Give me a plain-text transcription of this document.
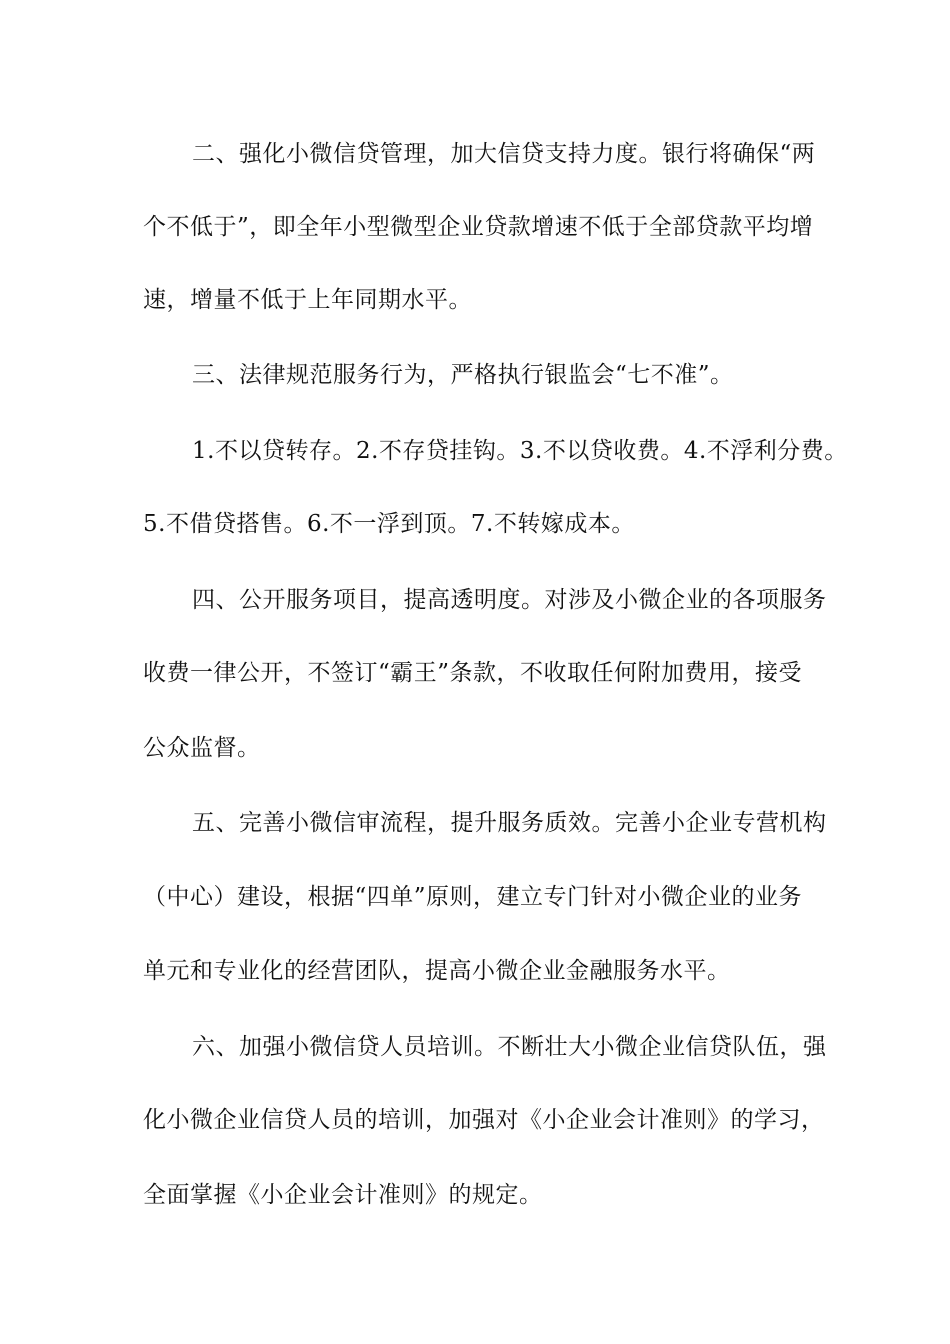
二、强化小微信贷管理，加大信贷支持力度。银行将确保“两
个不低于”，即全年小型微型企业贷款增速不低于全部贷款平均增
速，增量不低于上年同期水平。
三、法律规范服务行为，严格执行银监会“七不准”。
1.不以贷转存。2.不存贷挂钩。3.不以贷收费。4.不浮利分费。
5.不借贷搭售。6.不一浮到顶。7.不转嫁成本。
四、公开服务项目，提高透明度。对涉及小微企业的各项服务
收费一律公开，不签订“霸王”条款，不收取任何附加费用，接受
公众监督。
五、完善小微信审流程，提升服务质效。完善小企业专营机构
（中心）建设，根据“四单”原则，建立专门针对小微企业的业务
单元和专业化的经营团队，提高小微企业金融服务水平。
六、加强小微信贷人员培训。不断壮大小微企业信贷队伍，强
化小微企业信贷人员的培训，加强对《小企业会计准则》的学习，
全面掌握《小企业会计准则》的规定。
